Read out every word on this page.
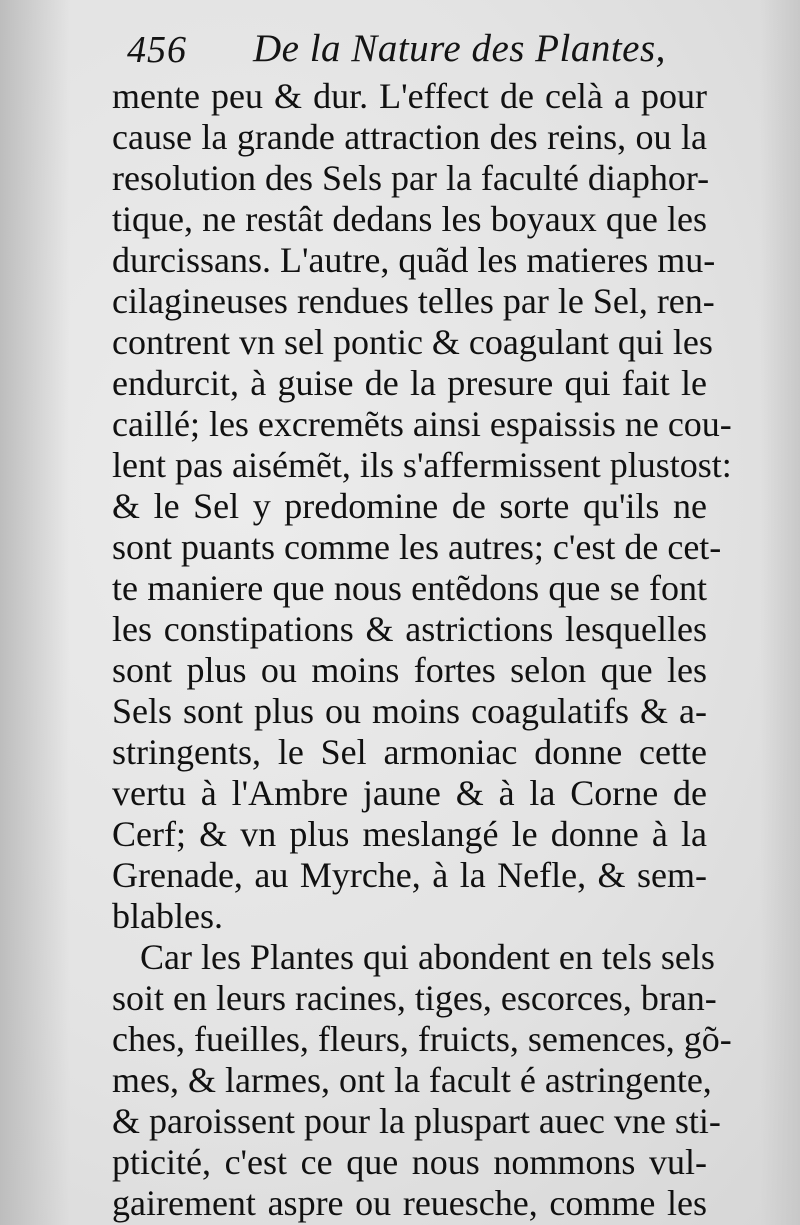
456 De la Nature des Plantes,
mente peu & dur. L'effect de celà a pour
cause la grande attraction des reins, ou la
resolution des Sels par la faculté diaphor-
tique, ne restât dedans les boyaux que les
durcissans. L'autre, quãd les matieres mu-
cilagineuses rendues telles par le Sel, ren-
contrent vn sel pontic & coagulant qui les
endurcit, à guise de la presure qui fait le
caillé; les excremẽts ainsi espaissis ne cou-
lent pas aisémẽt, ils s'affermissent plustost:
& le Sel y predomine de sorte qu'ils ne
sont puants comme les autres; c'est de cet-
te maniere que nous entẽdons que se font
les constipations & astrictions lesquelles
sont plus ou moins fortes selon que les
Sels sont plus ou moins coagulatifs & a-
stringents, le Sel armoniac donne cette
vertu à l'Ambre jaune & à la Corne de
Cerf; & vn plus meslangé le donne à la
Grenade, au Myrche, à la Nefle, & sem-
blables.
Car les Plantes qui abondent en tels sels
soit en leurs racines, tiges, escorces, bran-
ches, fueilles, fleurs, fruicts, semences, gõ-
mes, & larmes, ont la facult é astringente,
& paroissent pour la pluspart auec vne sti-
pticité, c'est ce que nous nommons vul-
gairement aspre ou reuesche, comme les
